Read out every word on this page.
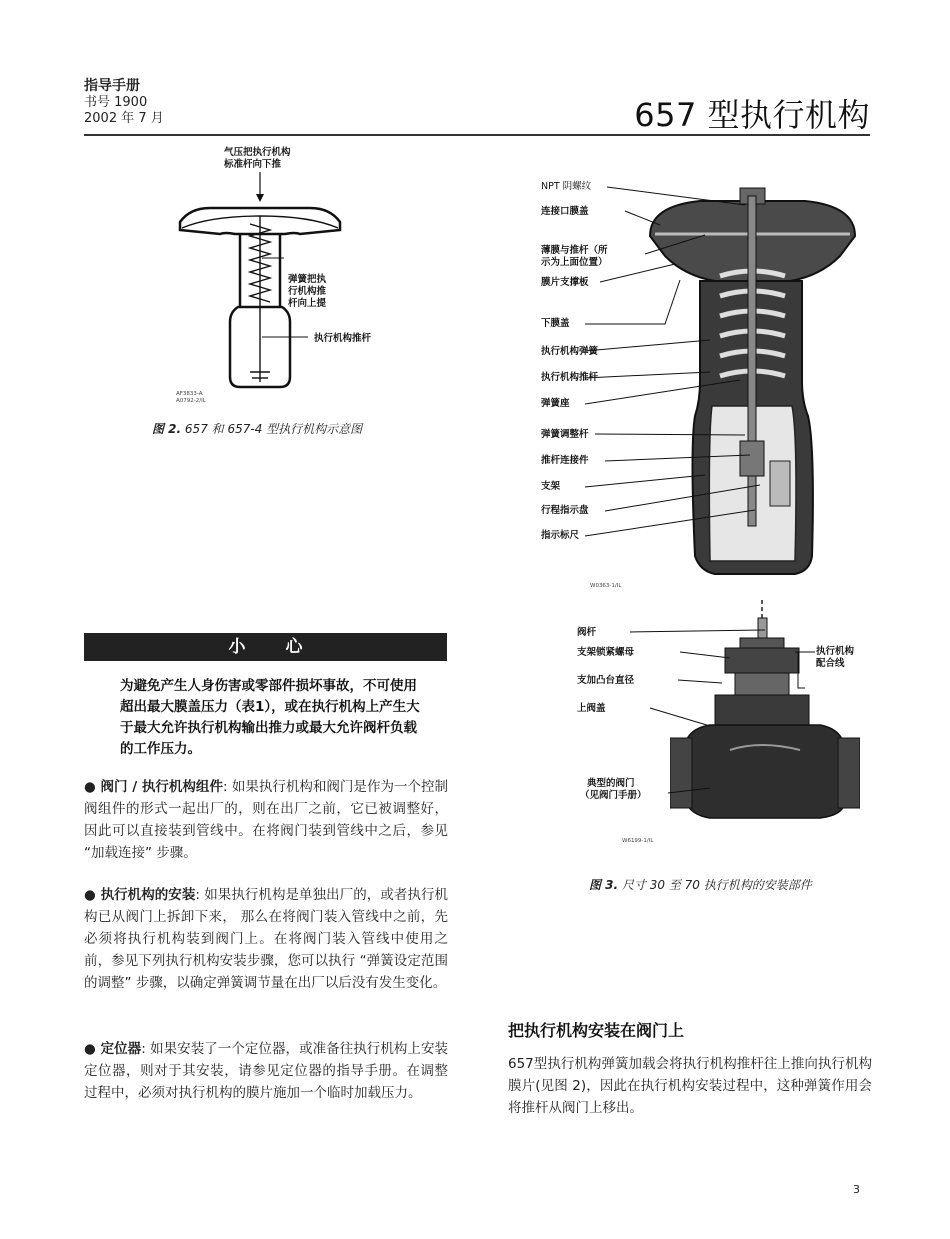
指导手册
书号 1900
2002 年 7 月	657 型执行机构
气压把执行机构
标准杆向下推
弹簧把执
行机构推
杆向上提
执行机构推杆
AF3833-A
A0792-2/IL
图 2. 657 和 657-4 型执行机构示意图
NPT 阴螺纹
连接口膜盖
薄膜与推杆（所
示为上面位置）
膜片支撑板
下膜盖
执行机构弹簧
执行机构推杆
弹簧座
弹簧调整杆
推杆连接件
支架
行程指示盘
指示标尺
W0363-1/IL
阀杆
支架锁紧螺母
支加凸台直径
上阀盖
执行机构
配合线
典型的阀门
（见阀门手册）
W6199-1/IL
图 3. 尺寸 30 至 70 执行机构的安装部件
小心
为避免产生人身伤害或零部件损坏事故，不可使用超出最大膜盖压力（表1），或在执行机构上产生大于最大允许执行机构输出推力或最大允许阀杆负载的工作压力。
● 阀门 / 执行机构组件: 如果执行机构和阀门是作为一个控制阀组件的形式一起出厂的，则在出厂之前，它已被调整好，因此可以直接装到管线中。在将阀门装到管线中之后，参见 “加载连接” 步骤。
● 执行机构的安装: 如果执行机构是单独出厂的，或者执行机构已从阀门上拆卸下来， 那么在将阀门装入管线中之前，先必须将执行机构装到阀门上。在将阀门装入管线中使用之前，参见下列执行机构安装步骤，您可以执行 “弹簧设定范围的调整” 步骤，以确定弹簧调节量在出厂以后没有发生变化。
● 定位器: 如果安装了一个定位器，或准备往执行机构上安装定位器，则对于其安装，请参见定位器的指导手册。在调整过程中，必须对执行机构的膜片施加一个临时加载压力。
把执行机构安装在阀门上
657型执行机构弹簧加载会将执行机构推杆往上推向执行机构膜片(见图 2)，因此在执行机构安装过程中，这种弹簧作用会将推杆从阀门上移出。
3
